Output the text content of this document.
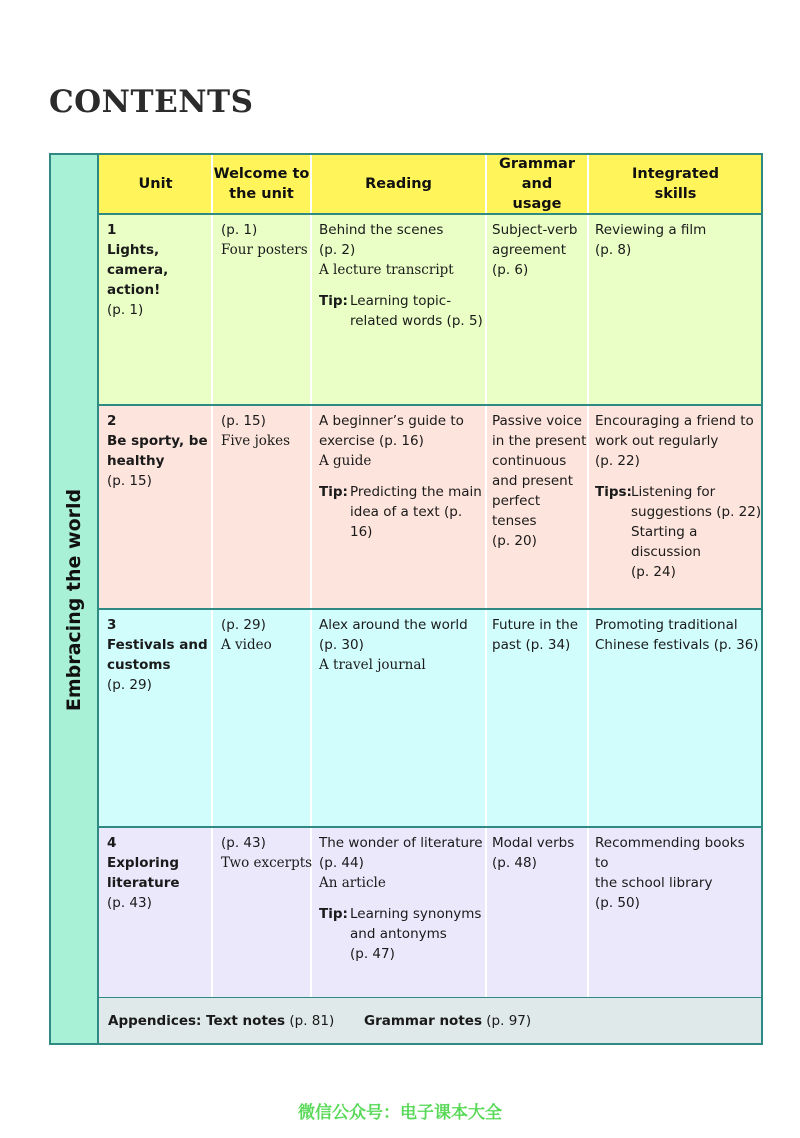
CONTENTS
Unit
Welcome to
the unit
Reading
Grammar
and
usage
Integrated
skills
Appendices: Text notes (p. 81) Grammar notes (p. 97)
Embracing the world
1
Lights, camera,
action!
(p. 1)
(p. 1)
Four posters
Behind the scenes
(p. 2)
A lecture transcript
Tip: Learning topic-
related words (p. 5)
Subject-verb
agreement
(p. 6)
Reviewing a film
(p. 8)
2
Be sporty, be
healthy
(p. 15)
(p. 15)
Five jokes
A beginner’s guide to
exercise (p. 16)
A guide
Tip: Predicting the main
idea of a text (p. 16)
Passive voice
in the present
continuous
and present
perfect tenses
(p. 20)
Encouraging a friend to
work out regularly
(p. 22)
Tips: Listening for
suggestions (p. 22)
Starting a discussion
(p. 24)
3
Festivals and
customs
(p. 29)
(p. 29)
A video
Alex around the world
(p. 30)
A travel journal
Future in the
past (p. 34)
Promoting traditional
Chinese festivals (p. 36)
4
Exploring
literature
(p. 43)
(p. 43)
Two excerpts
The wonder of literature
(p. 44)
An article
Tip: Learning synonyms
and antonyms
(p. 47)
Modal verbs
(p. 48)
Recommending books to
the school library
(p. 50)
微信公众号：电子课本大全
